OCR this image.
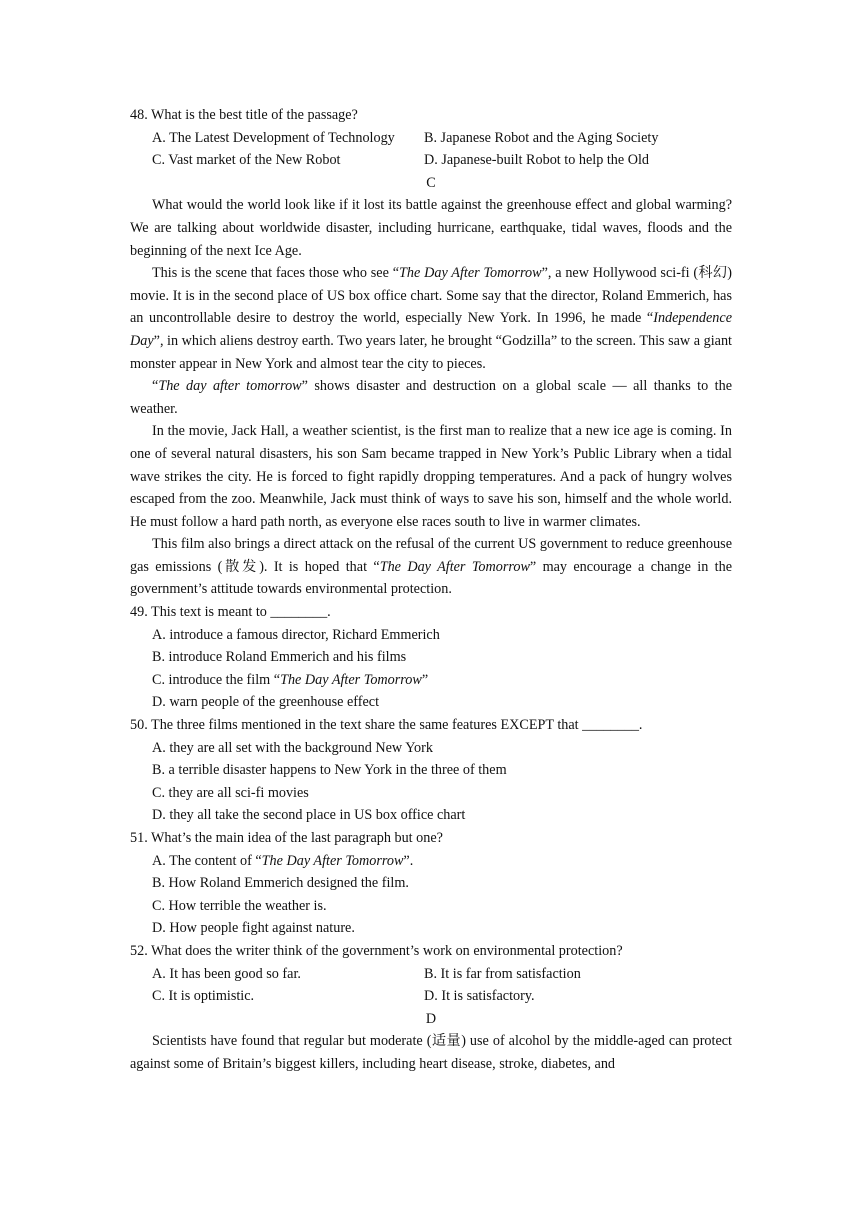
48. What is the best title of the passage?
A. The Latest Development of Technology	B. Japanese Robot and the Aging Society
C. Vast market of the New Robot	D. Japanese-built Robot to help the Old
C

What would the world look like if it lost its battle against the greenhouse effect and global warming? We are talking about worldwide disaster, including hurricane, earthquake, tidal waves, floods and the beginning of the next Ice Age.

This is the scene that faces those who see “The Day After Tomorrow”, a new Hollywood sci-fi (科幻) movie. It is in the second place of US box office chart. Some say that the director, Roland Emmerich, has an uncontrollable desire to destroy the world, especially New York. In 1996, he made “Independence Day”, in which aliens destroy earth. Two years later, he brought “Godzilla” to the screen. This saw a giant monster appear in New York and almost tear the city to pieces.

“The day after tomorrow” shows disaster and destruction on a global scale — all thanks to the weather.

In the movie, Jack Hall, a weather scientist, is the first man to realize that a new ice age is coming. In one of several natural disasters, his son Sam became trapped in New York’s Public Library when a tidal wave strikes the city. He is forced to fight rapidly dropping temperatures. And a pack of hungry wolves escaped from the zoo. Meanwhile, Jack must think of ways to save his son, himself and the whole world. He must follow a hard path north, as everyone else races south to live in warmer climates.

This film also brings a direct attack on the refusal of the current US government to reduce greenhouse gas emissions (散发). It is hoped that “The Day After Tomorrow” may encourage a change in the government’s attitude towards environmental protection.

49. This text is meant to ________.
A. introduce a famous director, Richard Emmerich
B. introduce Roland Emmerich and his films
C. introduce the film “The Day After Tomorrow”
D. warn people of the greenhouse effect
50. The three films mentioned in the text share the same features EXCEPT that ________.
A. they are all set with the background New York
B. a terrible disaster happens to New York in the three of them
C. they are all sci-fi movies
D. they all take the second place in US box office chart
51. What’s the main idea of the last paragraph but one?
A. The content of “The Day After Tomorrow”.
B. How Roland Emmerich designed the film.
C. How terrible the weather is.
D. How people fight against nature.
52. What does the writer think of the government’s work on environmental protection?
A. It has been good so far.	B. It is far from satisfaction
C. It is optimistic.	D. It is satisfactory.
D

Scientists have found that regular but moderate (适量) use of alcohol by the middle-aged can protect against some of Britain’s biggest killers, including heart disease, stroke, diabetes, and
